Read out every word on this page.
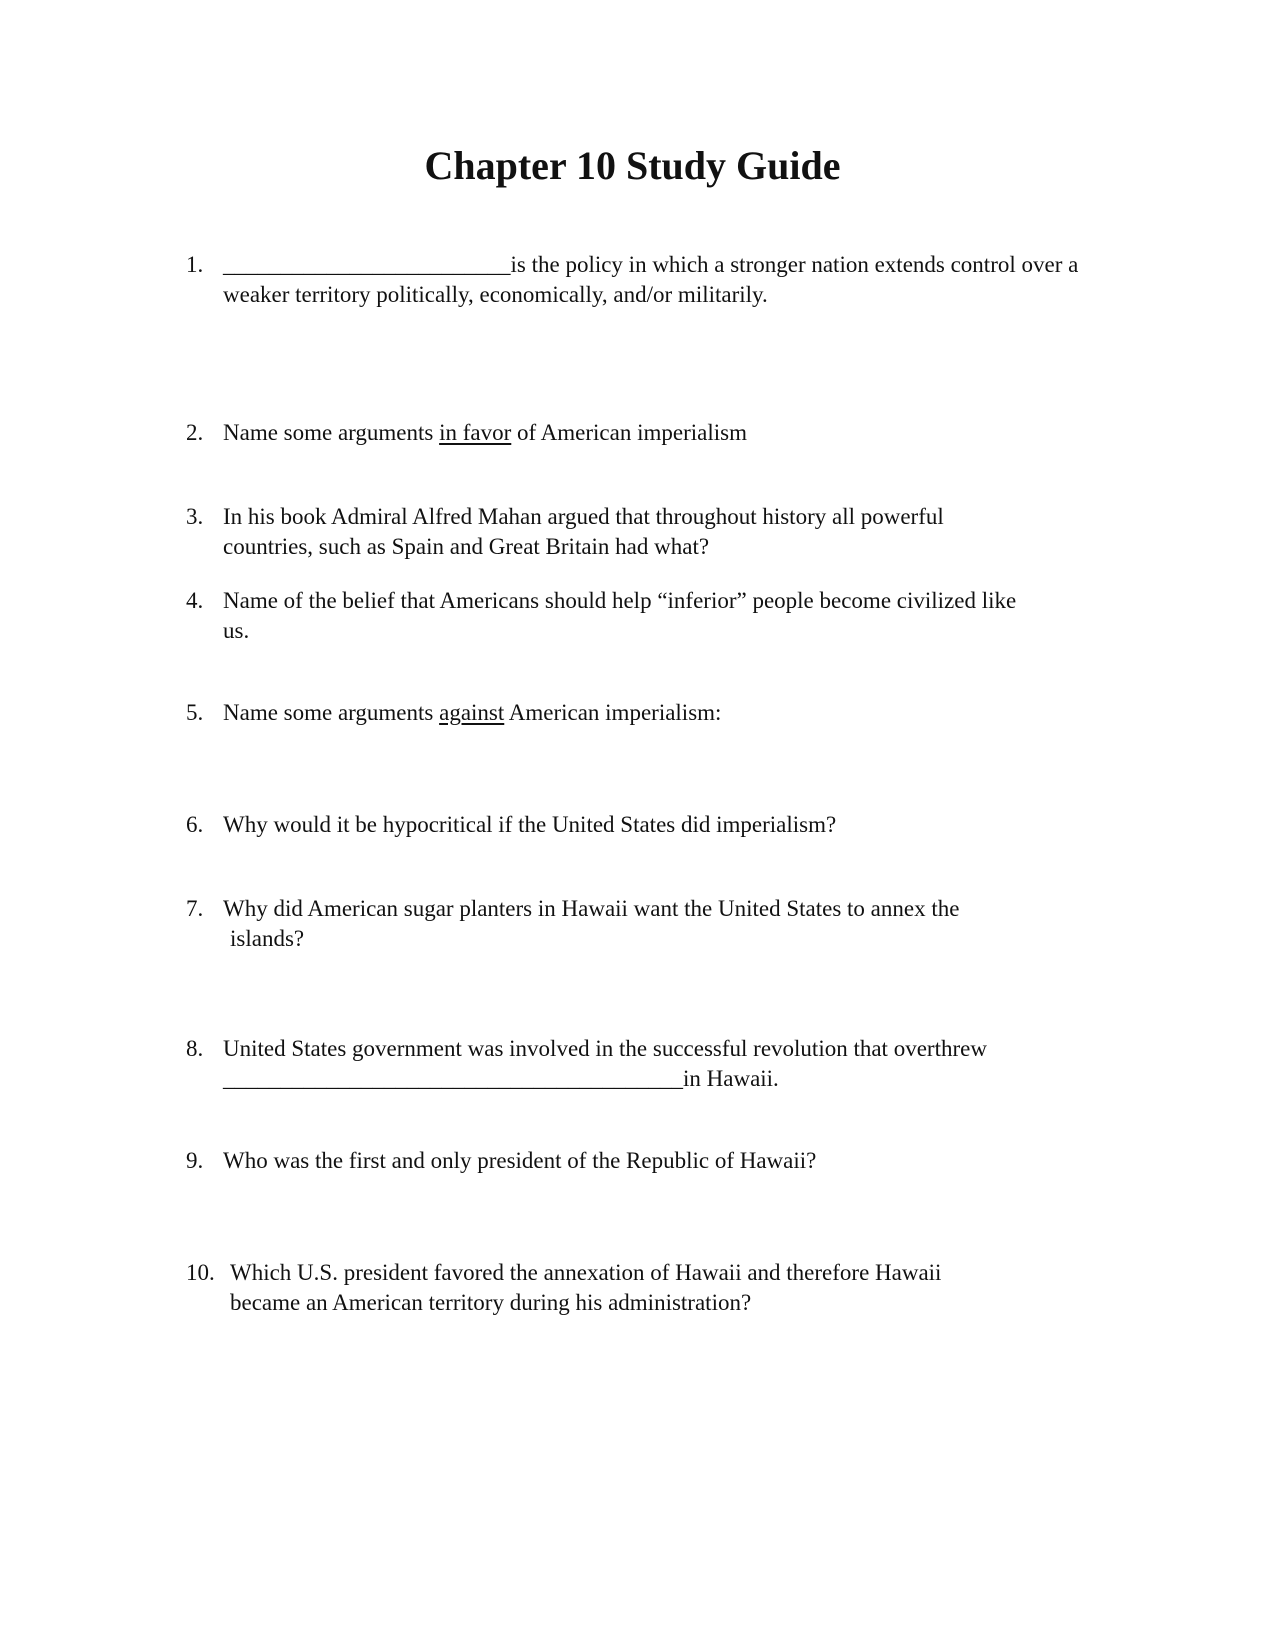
Chapter 10 Study Guide
1. _________________________is the policy in which a stronger nation extends control over a weaker territory politically, economically, and/or militarily.
2. Name some arguments in favor of American imperialism
3. In his book Admiral Alfred Mahan argued that throughout history all powerful countries, such as Spain and Great Britain had what?
4. Name of the belief that Americans should help “inferior” people become civilized like us.
5. Name some arguments against American imperialism:
6. Why would it be hypocritical if the United States did imperialism?
7. Why did American sugar planters in Hawaii want the United States to annex the
islands?
8. United States government was involved in the successful revolution that overthrew
________________________________________in Hawaii.
9. Who was the first and only president of the Republic of Hawaii?
10. Which U.S. president favored the annexation of Hawaii and therefore Hawaii became an American territory during his administration?
